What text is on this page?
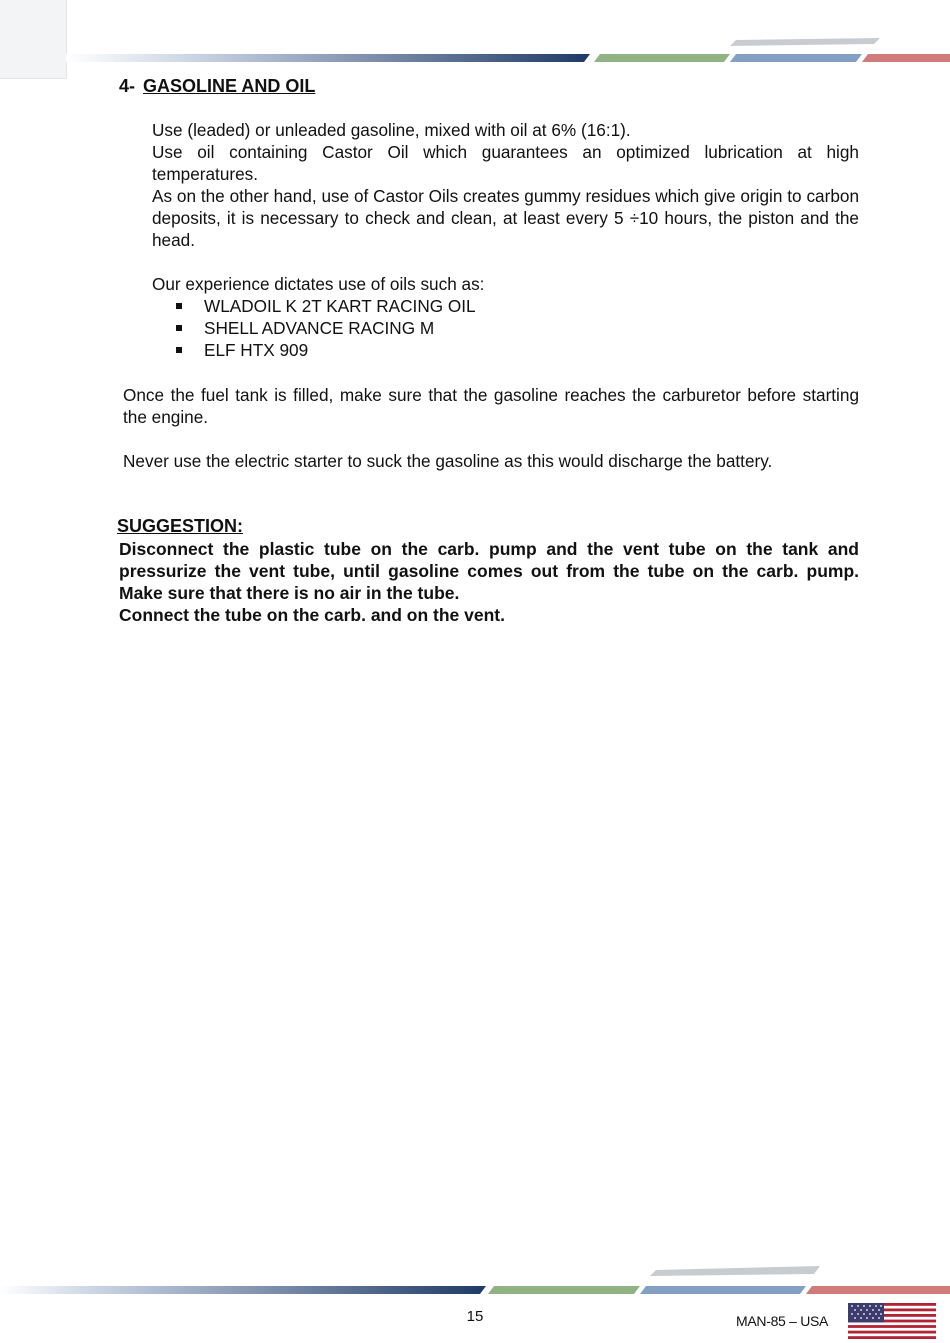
4- GASOLINE AND OIL

Use (leaded) or unleaded gasoline, mixed with oil at 6% (16:1).

Use oil containing Castor Oil which guarantees an optimized lubrication at high temperatures.

As on the other hand, use of Castor Oils creates gummy residues which give origin to carbon deposits, it is necessary to check and clean, at least every 5 ÷10 hours, the piston and the head.

Our experience dictates use of oils such as:
WLADOIL K 2T KART RACING OIL
SHELL ADVANCE RACING M
ELF HTX 909
Once the fuel tank is filled, make sure that the gasoline reaches the carburetor before starting the engine.
Never use the electric starter to suck the gasoline as this would discharge the battery.
SUGGESTION:

Disconnect the plastic tube on the carb. pump and the vent tube on the tank and pressurize the vent tube, until gasoline comes out from the tube on the carb. pump. Make sure that there is no air in the tube.

Connect the tube on the carb. and on the vent.

15	MAN-85 – USA
